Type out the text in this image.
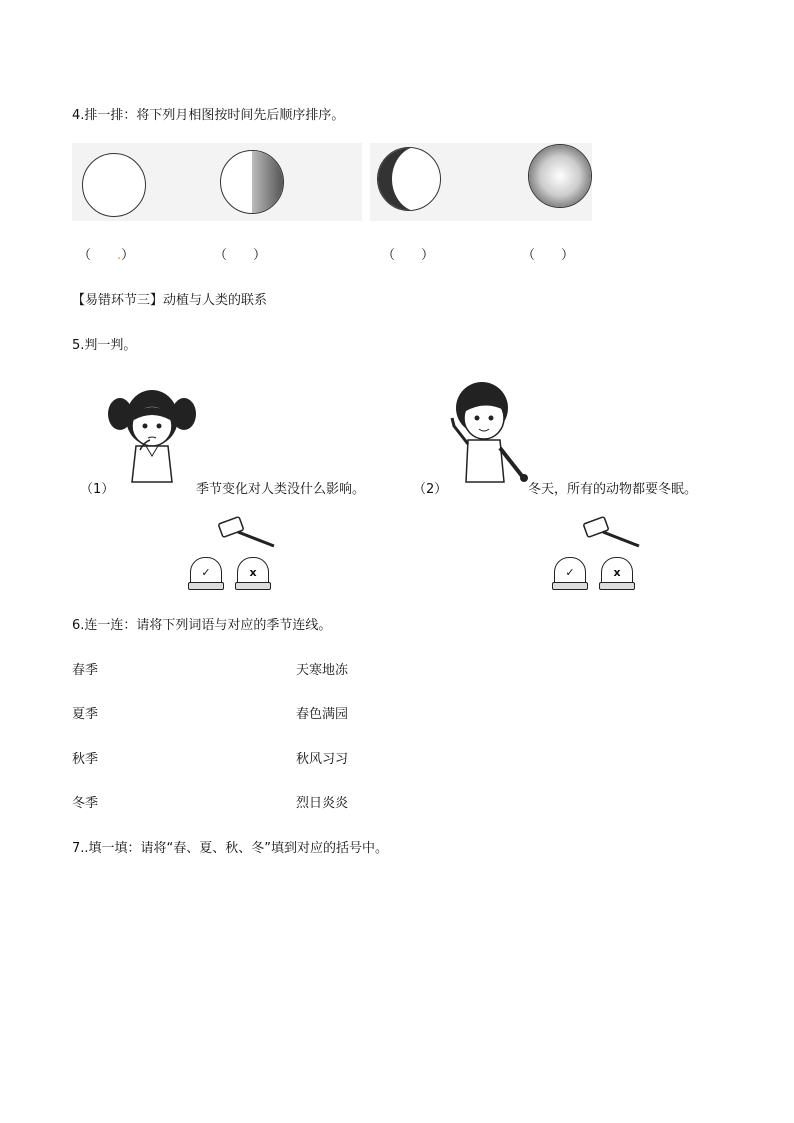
4.排一排：将下列月相图按时间先后顺序排序。
（　　.）	（　　）	（　　）	（　　）
【易错环节三】动植与人类的联系
5.判一判。
（1）	季节变化对人类没什么影响。	（2）	冬天，所有的动物都要冬眠。
✓	x	✓	x
6.连一连：请将下列词语与对应的季节连线。
春季
夏季
秋季
冬季
天寒地冻
春色满园
秋风习习
烈日炎炎
7..填一填：请将“春、夏、秋、冬”填到对应的括号中。
